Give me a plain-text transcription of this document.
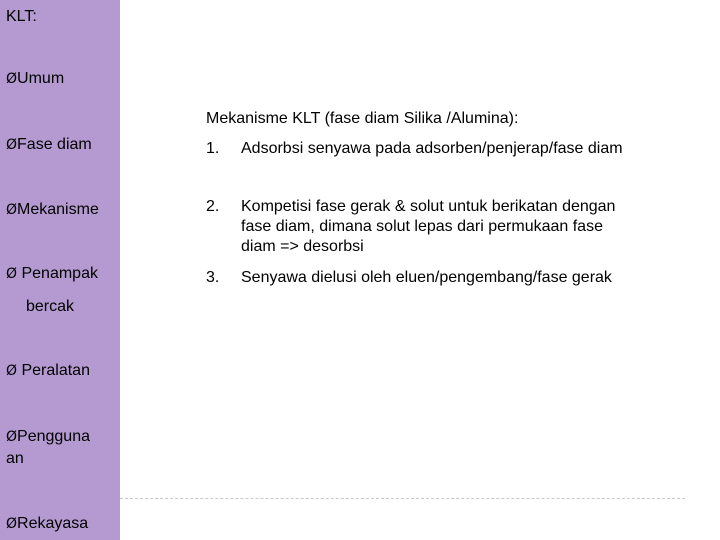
KLT:
ØUmum
ØFase diam
ØMekanisme
Ø Penampak
bercak
Ø Peralatan
ØPengguna
an
ØRekayasa
Mekanisme KLT (fase diam Silika /Alumina):
1. Adsorbsi senyawa pada adsorben/penjerap/fase diam
2. Kompetisi fase gerak & solut untuk berikatan dengan fase diam, dimana solut lepas dari permukaan fase diam => desorbsi
3. Senyawa dielusi oleh eluen/pengembang/fase gerak
